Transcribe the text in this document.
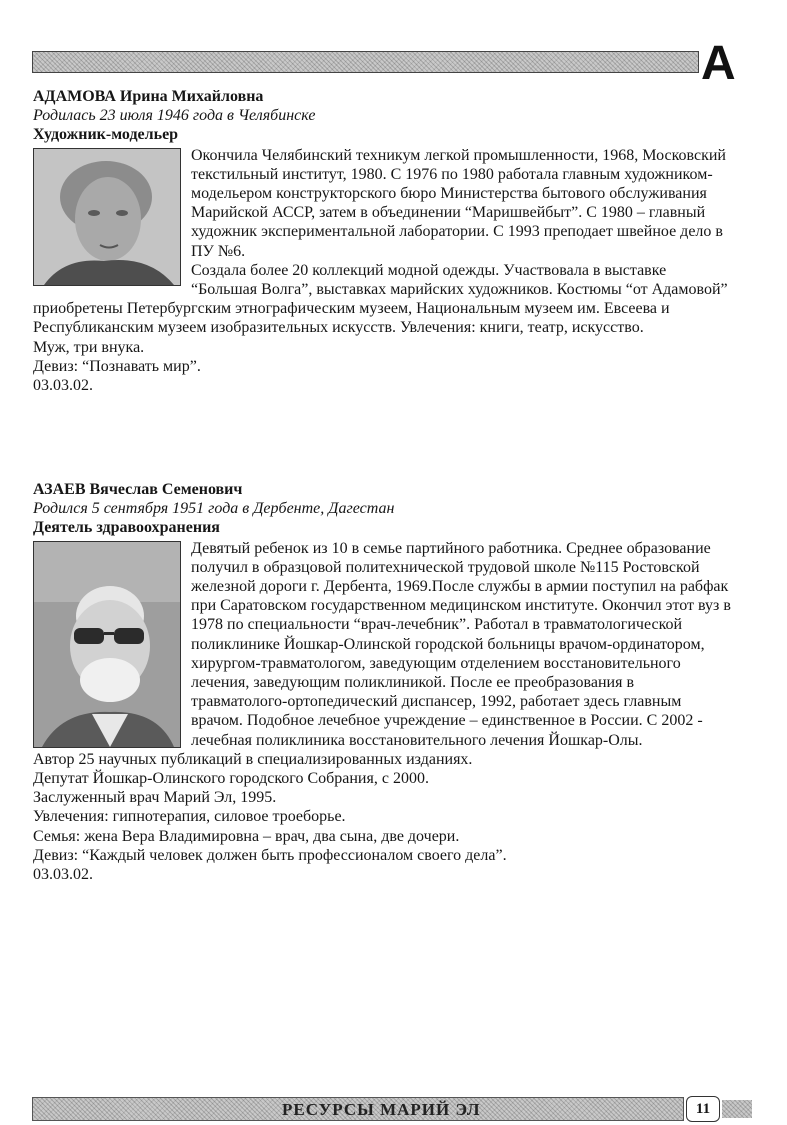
А
АДАМОВА Ирина Михайловна
Родилась 23 июля 1946 года в Челябинске
Художник-модельер

Окончила Челябинский техникум легкой промышленности, 1968, Московский текстильный институт, 1980. С 1976 по 1980 работала главным художником-модельером конструкторского бюро Министерства бытового обслуживания Марийской АССР, затем в объединении “Маришвейбыт”. С 1980 – главный художник экспериментальной лаборатории. С 1993 преподает швейное дело в ПУ №6.

Создала более 20 коллекций модной одежды. Участвовала в выставке “Большая Волга”, выставках марийских художников. Костюмы “от Адамовой” приобретены Петербургским этнографическим музеем, Национальным музеем им. Евсеева и Республиканским музеем изобразительных искусств. Увлечения: книги, театр, искусство.

Муж, три внука.

Девиз: “Познавать мир”.

03.03.02.

АЗАЕВ Вячеслав Семенович
Родился 5 сентября 1951 года в Дербенте, Дагестан
Деятель здравоохранения

Девятый ребенок из 10 в семье партийного работника. Среднее образование получил в образцовой политехнической трудовой школе №115 Ростовской железной дороги г. Дербента, 1969.После службы в армии поступил на рабфак при Саратовском государственном медицинском институте. Окончил этот вуз в 1978 по специальности “врач-лечебник”. Работал в травматологической поликлинике Йошкар-Олинской городской больницы врачом-ординатором, хирургом-травматологом, заведующим отделением восстановительного лечения, заведующим поликлиникой. После ее преобразования в травматолого-ортопедический диспансер, 1992, работает здесь главным врачом. Подобное лечебное учреждение – единственное в России. С 2002 - лечебная поликлиника восстановительного лечения Йошкар-Олы.

Автор 25 научных публикаций в специализированных изданиях.

Депутат Йошкар-Олинского городского Собрания, с 2000.

Заслуженный врач Марий Эл, 1995.

Увлечения: гипнотерапия, силовое троеборье.

Семья: жена Вера Владимировна – врач, два сына, две дочери.

Девиз: “Каждый человек должен быть профессионалом своего дела”.

03.03.02.

РЕСУРСЫ МАРИЙ ЭЛ	11
